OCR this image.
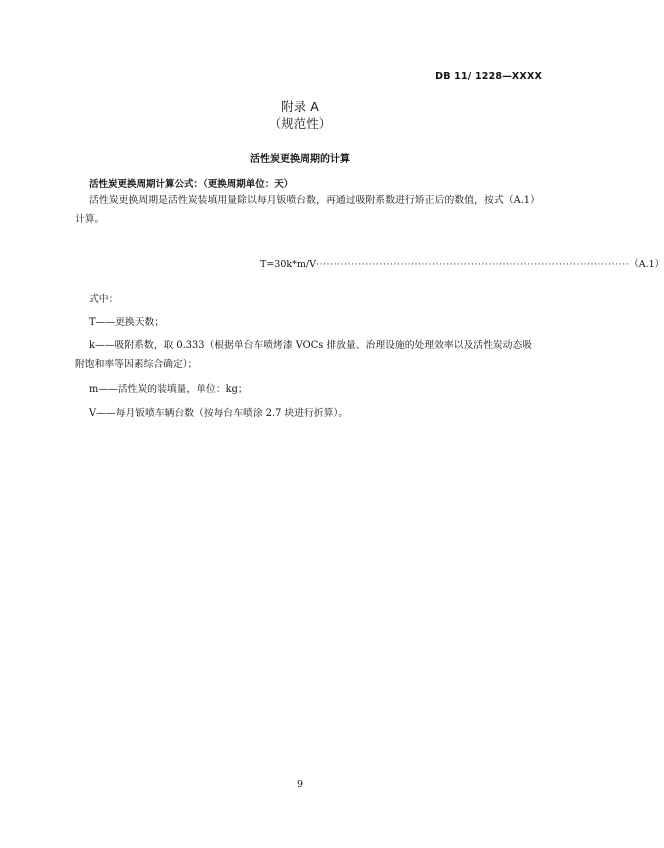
DB 11/ 1228—XXXX
附录 A
（规范性）
活性炭更换周期的计算
活性炭更换周期计算公式：（更换周期单位：天）
活性炭更换周期是活性炭装填用量除以每月钣喷台数，再通过吸附系数进行矫正后的数值，按式（A.1）计算。
T=30k*m/V ························································································· （A.1）
式中：
T——更换天数；
k——吸附系数，取 0.333（根据单台车喷烤漆 VOCs 排放量、治理设施的处理效率以及活性炭动态吸附饱和率等因素综合确定）；
m——活性炭的装填量，单位：kg；
V——每月钣喷车辆台数（按每台车喷涂 2.7 块进行折算）。
9
